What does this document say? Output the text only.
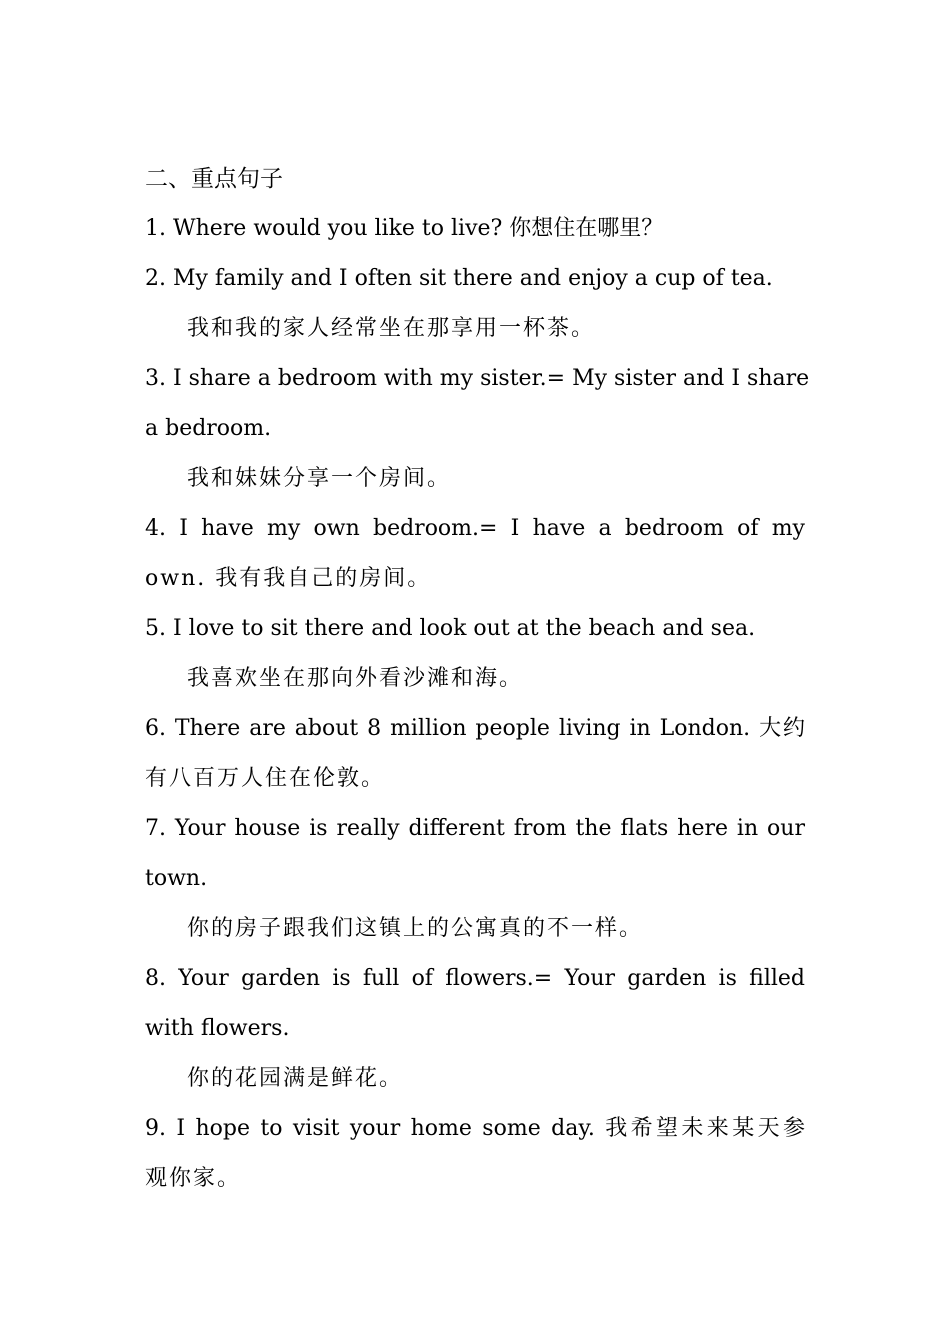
二、重点句子
1. Where would you like to live? 你想住在哪里？
2. My family and I often sit there and enjoy a cup of tea.
我和我的家人经常坐在那享用一杯茶。
3. I share a bedroom with my sister.= My sister and I share
a bedroom.
我和妹妹分享一个房间。
4. I have my own bedroom.= I have a bedroom of my
own. 我有我自己的房间。
5. I love to sit there and look out at the beach and sea.
我喜欢坐在那向外看沙滩和海。
6. There are about 8 million people living in London. 大约
有八百万人住在伦敦。
7. Your house is really different from the flats here in our
town.
你的房子跟我们这镇上的公寓真的不一样。
8. Your garden is full of flowers.= Your garden is filled
with flowers.
你的花园满是鲜花。
9. I hope to visit your home some day. 我希望未来某天参
观你家。
